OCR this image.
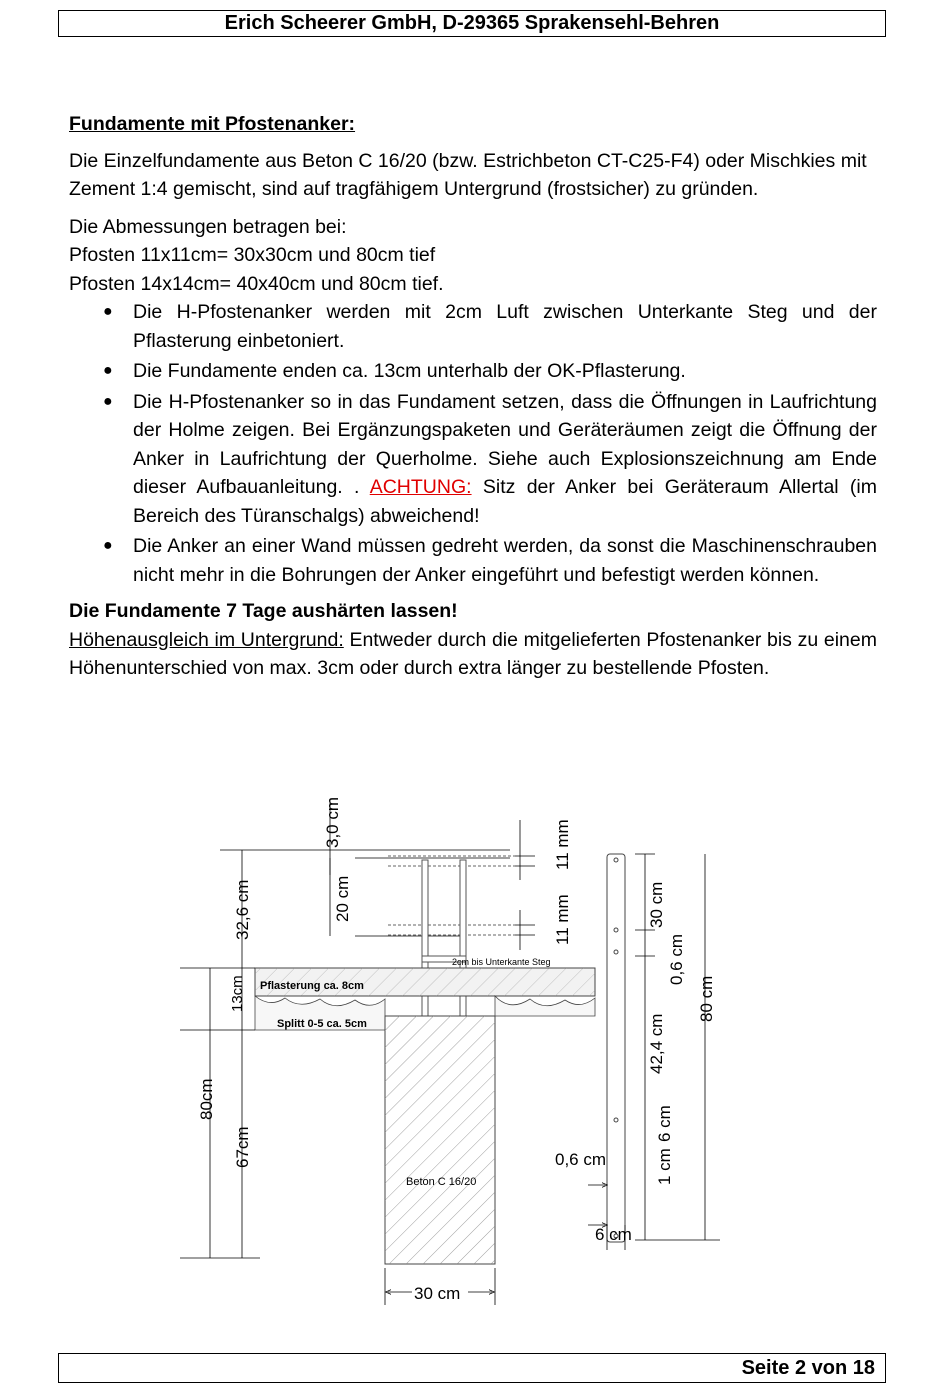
Erich Scheerer GmbH, D-29365 Sprakensehl-Behren

Fundamente mit Pfostenanker:

Die Einzelfundamente aus Beton C 16/20 (bzw. Estrichbeton CT-C25-F4) oder Mischkies mit Zement 1:4 gemischt, sind auf tragfähigem Untergrund (frostsicher) zu gründen.

Die Abmessungen betragen bei:

Pfosten 11x11cm= 30x30cm und 80cm tief

Pfosten 14x14cm= 40x40cm und 80cm tief.

● Die H-Pfostenanker werden mit 2cm Luft zwischen Unterkante Steg und der Pflasterung einbetoniert.
● Die Fundamente enden ca. 13cm unterhalb der OK-Pflasterung.
● Die H-Pfostenanker so in das Fundament setzen, dass die Öffnungen in Laufrichtung der Holme zeigen. Bei Ergänzungspaketen und Geräteräumen zeigt die Öffnung der Anker in Laufrichtung der Querholme. Siehe auch Explosionszeichnung am Ende dieser Aufbauanleitung. . ACHTUNG: Sitz der Anker bei Geräteraum Allertal (im Bereich des Türanschalgs) abweichend!
● Die Anker an einer Wand müssen gedreht werden, da sonst die Maschinenschrauben nicht mehr in die Bohrungen der Anker eingeführt und befestigt werden können.

Die Fundamente 7 Tage aushärten lassen!

Höhenausgleich im Untergrund: Entweder durch die mitgelieferten Pfostenanker bis zu einem Höhenunterschied von max. 3cm oder durch extra länger zu bestellende Pfosten.

11 mm
11 mm
Pflasterung ca. 8cm
2cm bis Unterkante Steg
Splitt 0-5 ca. 5cm
Beton C 16/20
3,0 cm
32,6 cm	20 cm
13cm
80cm
67cm
30 cm
30 cm
0,6 cm
80 cm
42,4 cm
6 cm
1 cm
0,6 cm
6 cm
Seite 2 von 18
